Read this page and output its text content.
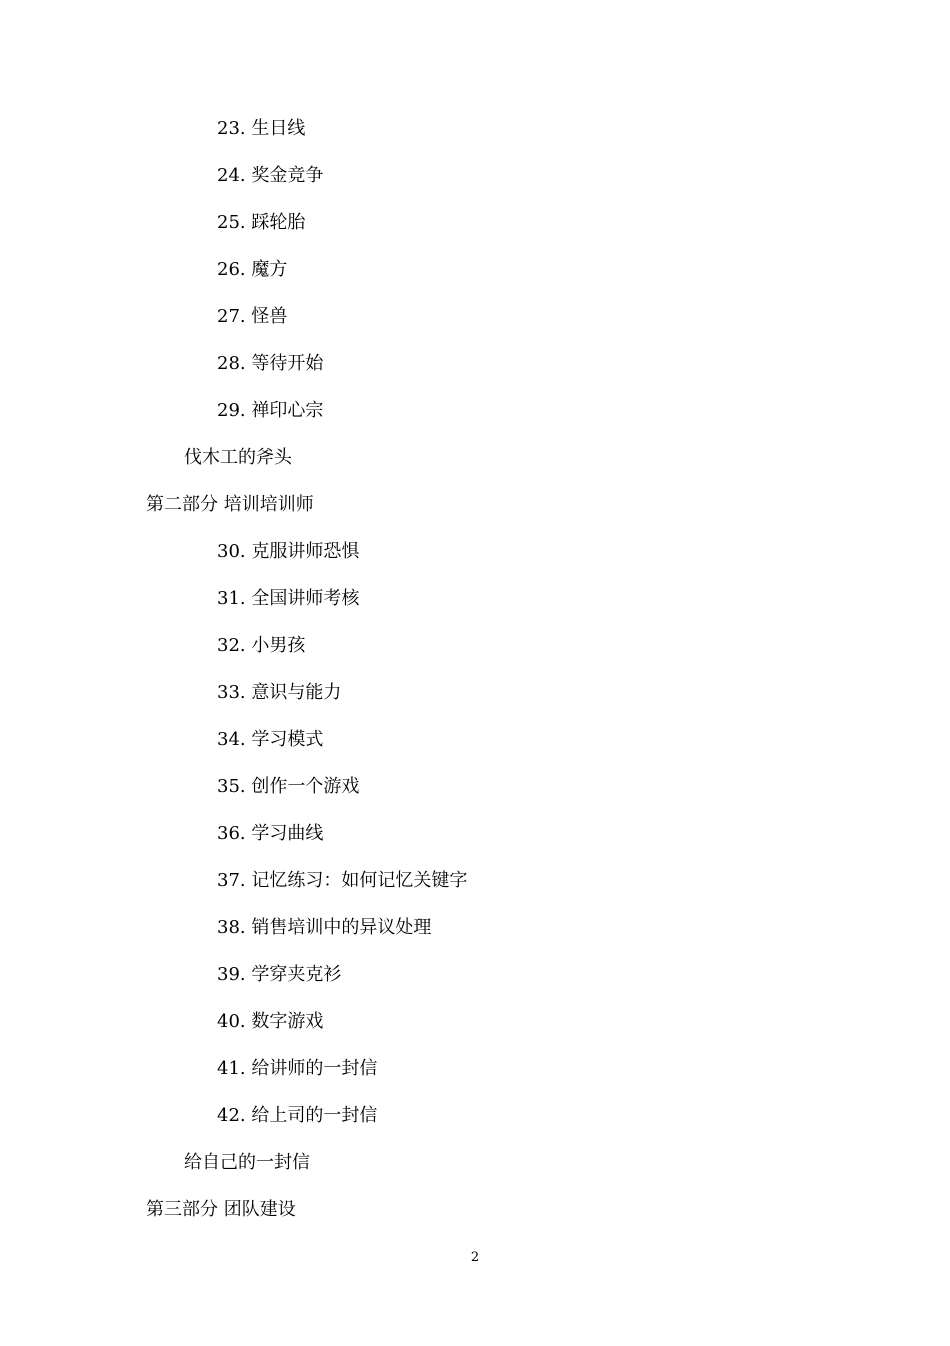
23. 生日线
24. 奖金竞争
25. 踩轮胎
26. 魔方
27. 怪兽
28. 等待开始
29. 禅印心宗
伐木工的斧头
第二部分 培训培训师
30. 克服讲师恐惧
31. 全国讲师考核
32. 小男孩
33. 意识与能力
34. 学习模式
35. 创作一个游戏
36. 学习曲线
37. 记忆练习：如何记忆关键字
38. 销售培训中的异议处理
39. 学穿夹克衫
40. 数字游戏
41. 给讲师的一封信
42. 给上司的一封信
给自己的一封信
第三部分 团队建设
2
